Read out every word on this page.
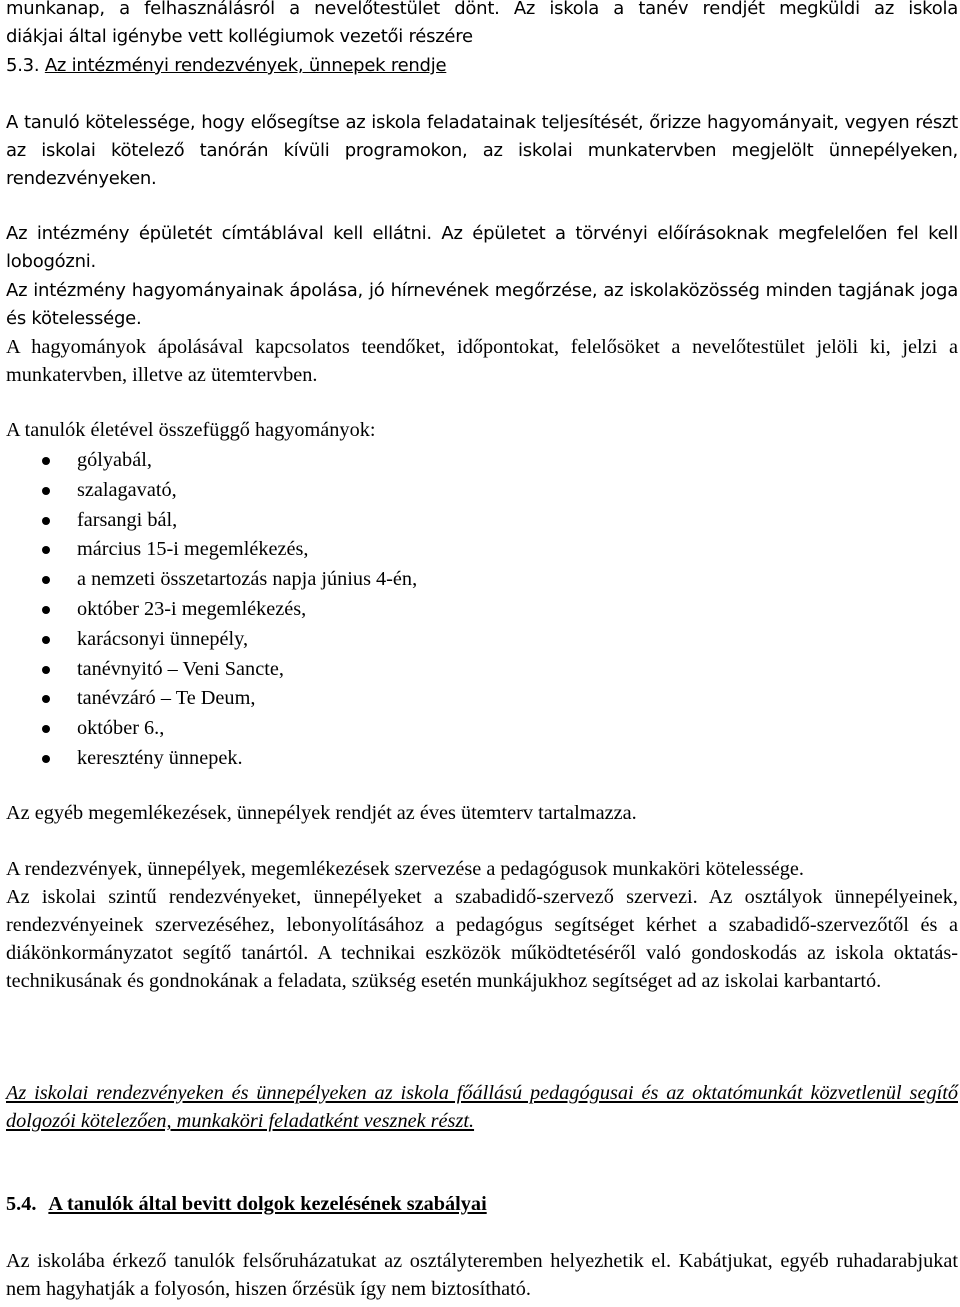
munkanap, a felhasználásról a nevelőtestület dönt. Az iskola a tanév rendjét megküldi az iskola

diákjai által igénybe vett kollégiumok vezetői részére

5.3. Az intézményi rendezvények, ünnepek rendje

A tanuló kötelessége, hogy elősegítse az iskola feladatainak teljesítését, őrizze hagyományait, vegyen részt az iskolai kötelező tanórán kívüli programokon, az iskolai munkatervben megjelölt ünnepélyeken, rendezvényeken.

Az intézmény épületét címtáblával kell ellátni. Az épületet a törvényi előírásoknak megfelelően fel kell lobogózni.

Az intézmény hagyományainak ápolása, jó hírnevének megőrzése, az iskolaközösség minden tagjának joga és kötelessége.

A hagyományok ápolásával kapcsolatos teendőket, időpontokat, felelősöket a nevelőtestület jelöli ki, jelzi a munkatervben, illetve az ütemtervben.

A tanulók életével összefüggő hagyományok:

gólyabál,
szalagavató,
farsangi bál,
március 15-i megemlékezés,
a nemzeti összetartozás napja június 4-én,
október 23-i megemlékezés,
karácsonyi ünnepély,
tanévnyitó – Veni Sancte,
tanévzáró – Te Deum,
október 6.,
keresztény ünnepek.

Az egyéb megemlékezések, ünnepélyek rendjét az éves ütemterv tartalmazza.

A rendezvények, ünnepélyek, megemlékezések szervezése a pedagógusok munkaköri kötelessége.

Az iskolai szintű rendezvényeket, ünnepélyeket a szabadidő-szervező szervezi. Az osztályok ünnepélyeinek, rendezvényeinek szervezéséhez, lebonyolításához a pedagógus segítséget kérhet a szabadidő-szervezőtől és a diákönkormányzatot segítő tanártól. A technikai eszközök működtetéséről való gondoskodás az iskola oktatás-technikusának és gondnokának a feladata, szükség esetén munkájukhoz segítséget ad az iskolai karbantartó.

Az iskolai rendezvényeken és ünnepélyeken az iskola főállású pedagógusai és az oktatómunkát közvetlenül segítő dolgozói kötelezően, munkaköri feladatként vesznek részt.

5.4. A tanulók által bevitt dolgok kezelésének szabályai

Az iskolába érkező tanulók felsőruházatukat az osztályteremben helyezhetik el. Kabátjukat, egyéb ruhadarabjukat nem hagyhatják a folyosón, hiszen őrzésük így nem biztosítható.
